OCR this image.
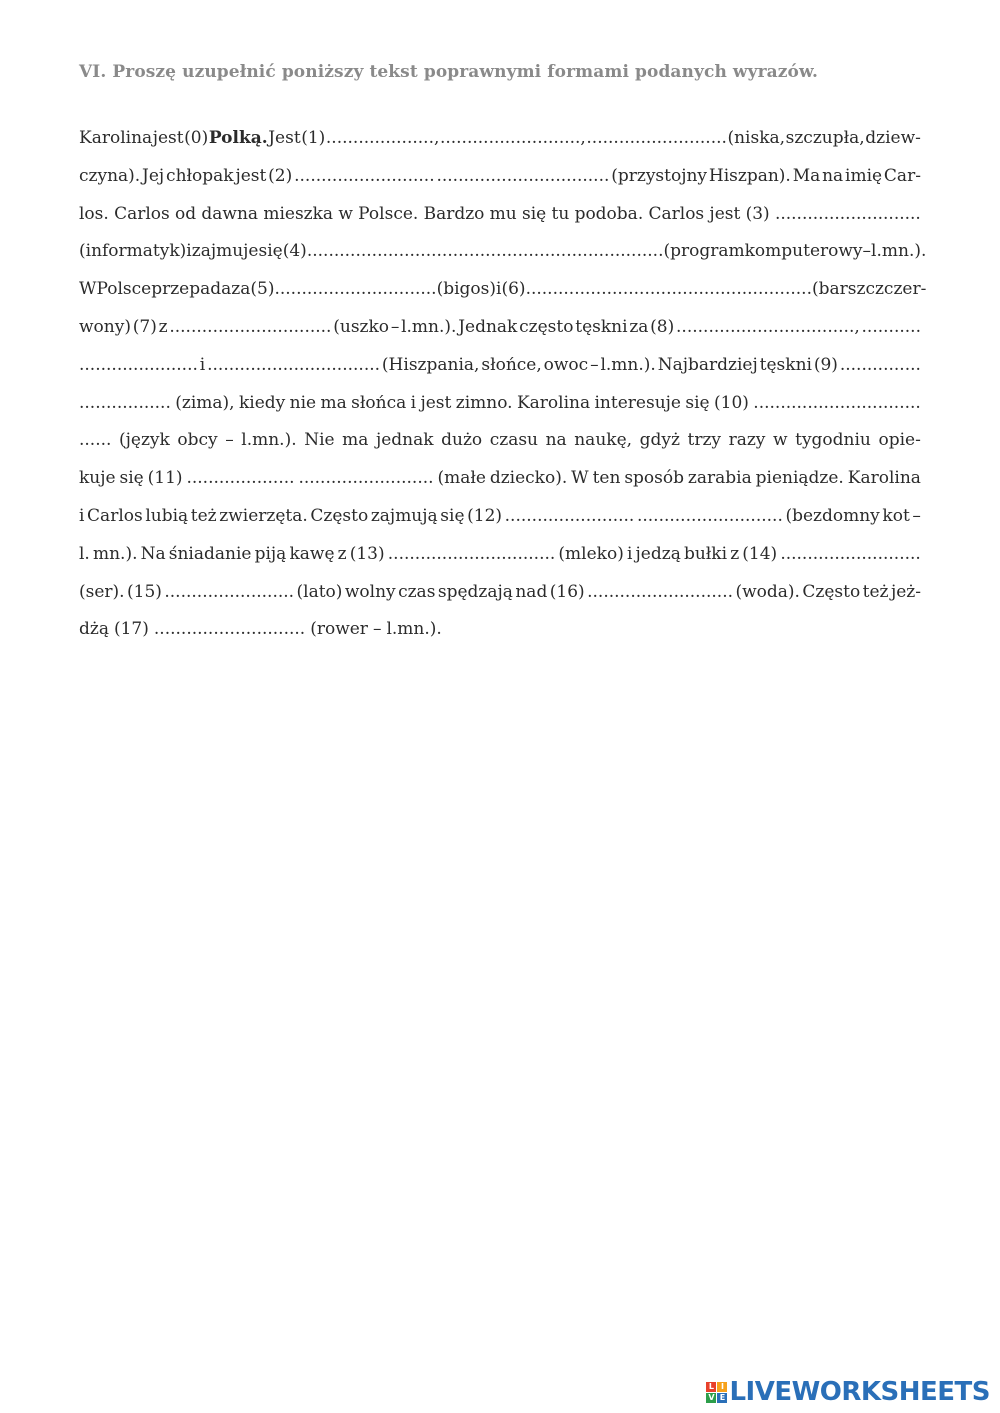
VI. Proszę uzupełnić poniższy tekst poprawnymi formami podanych wyrazów.
Karolina jest (0) Polką. Jest (1) ...................., .........................., .......................... (niska, szczupła, dziew-
czyna). Jej chłopak jest (2) .......................... ................................ (przystojny Hiszpan). Ma na imię Car-
los. Carlos od dawna mieszka w Polsce. Bardzo mu się tu podoba. Carlos jest (3) ...........................
(informatyk) i zajmuje się (4) ................................ .................................. (program komputerowy – l.mn.).
W Polsce przepada za (5) .............................. (bigos) i (6) ......................... ............................ (barszcz czer-
wony) (7) z .............................. (uszko – l.mn.). Jednak często tęskni za (8) ................................., ...........
...................... i ................................ (Hiszpania, słońce, owoc – l.mn.). Najbardziej tęskni (9) ...............
................. (zima), kiedy nie ma słońca i jest zimno. Karolina interesuje się (10) ...............................
...... (język obcy – l.mn.). Nie ma jednak dużo czasu na naukę, gdyż trzy razy w tygodniu opie-
kuje się (11) .................... ......................... (małe dziecko). W ten sposób zarabia pieniądze. Karolina
i Carlos lubią też zwierzęta. Często zajmują się (12) ........................ ........................... (bezdomny kot –
l. mn.). Na śniadanie piją kawę z (13) ............................... (mleko) i jedzą bułki z (14) ..........................
(ser). (15) ........................ (lato) wolny czas spędzają nad (16) ........................... (woda). Często też jeż-
dżą (17) ............................ (rower – l.mn.).
L I
V E LIVEWORKSHEETS
